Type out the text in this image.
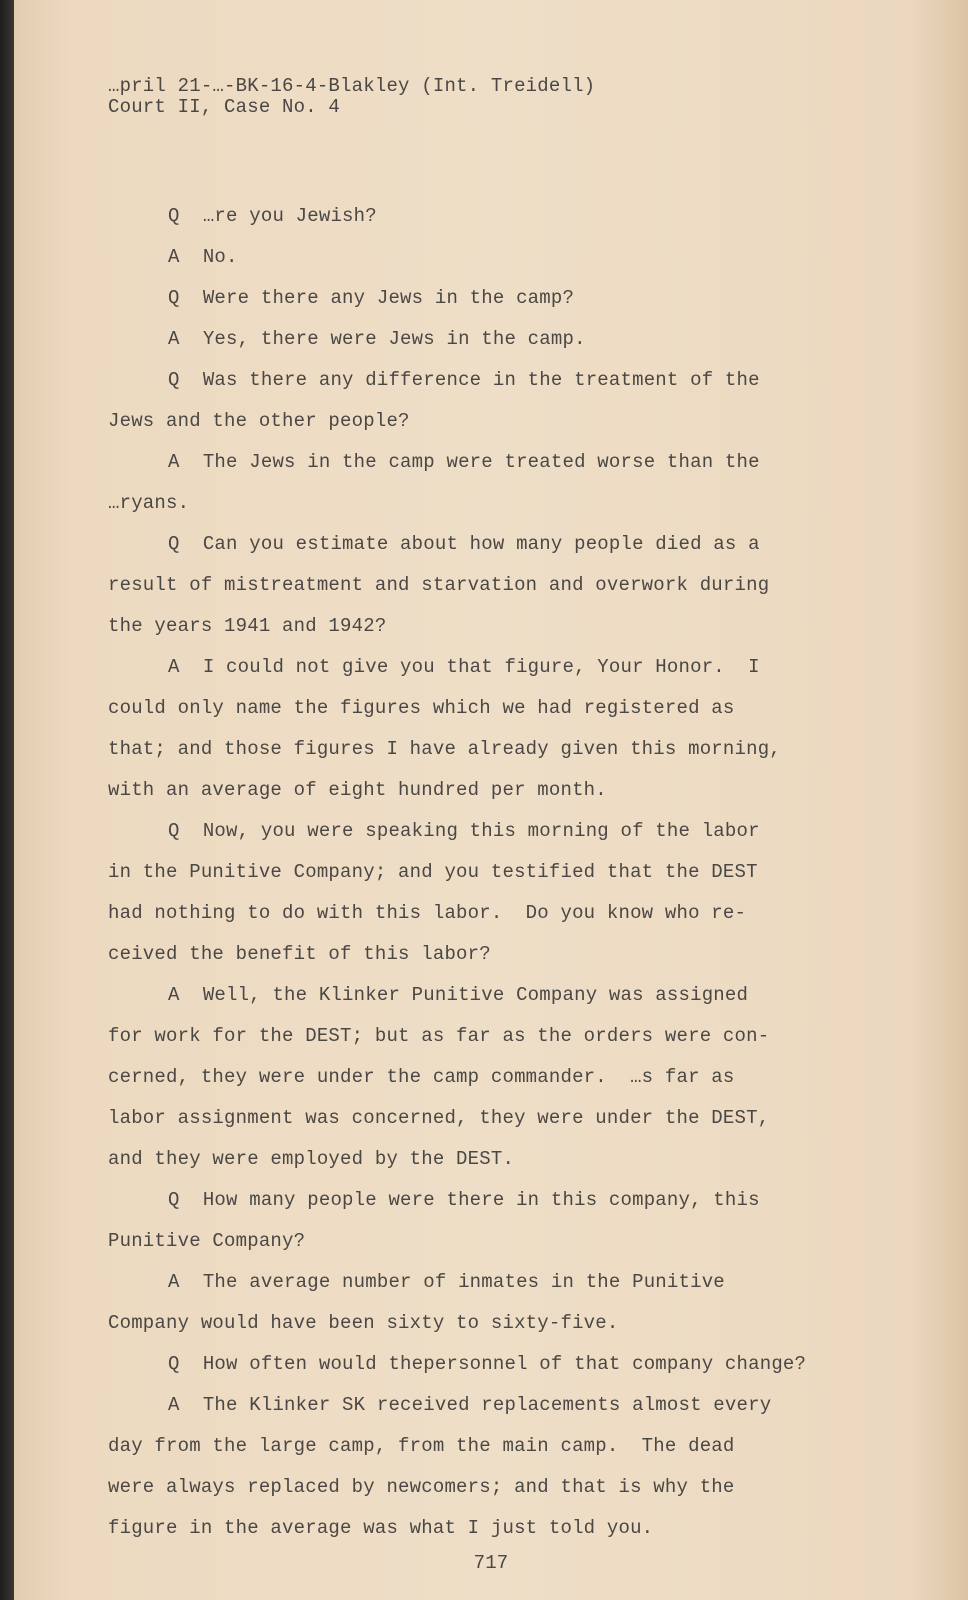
…pril 21-…-BK-16-4-Blakley (Int. Treidell)
Court II, Case No. 4

Q …re you Jewish?

A No.

Q Were there any Jews in the camp?

A Yes, there were Jews in the camp.

Q Was there any difference in the treatment of the
Jews and the other people?

A The Jews in the camp were treated worse than the
…ryans.

Q Can you estimate about how many people died as a
result of mistreatment and starvation and overwork during
the years 1941 and 1942?

A I could not give you that figure, Your Honor.  I
could only name the figures which we had registered as
that; and those figures I have already given this morning,
with an average of eight hundred per month.

Q Now, you were speaking this morning of the labor
in the Punitive Company; and you testified that the DEST
had nothing to do with this labor.  Do you know who re-
ceived the benefit of this labor?

A Well, the Klinker Punitive Company was assigned
for work for the DEST; but as far as the orders were con-
cerned, they were under the camp commander.  …s far as
labor assignment was concerned, they were under the DEST,
and they were employed by the DEST.

Q How many people were there in this company, this
Punitive Company?

A The average number of inmates in the Punitive
Company would have been sixty to sixty-five.

Q How often would thepersonnel of that company change?

A The Klinker SK received replacements almost every
day from the large camp, from the main camp.  The dead
were always replaced by newcomers; and that is why the
figure in the average was what I just told you.

717
